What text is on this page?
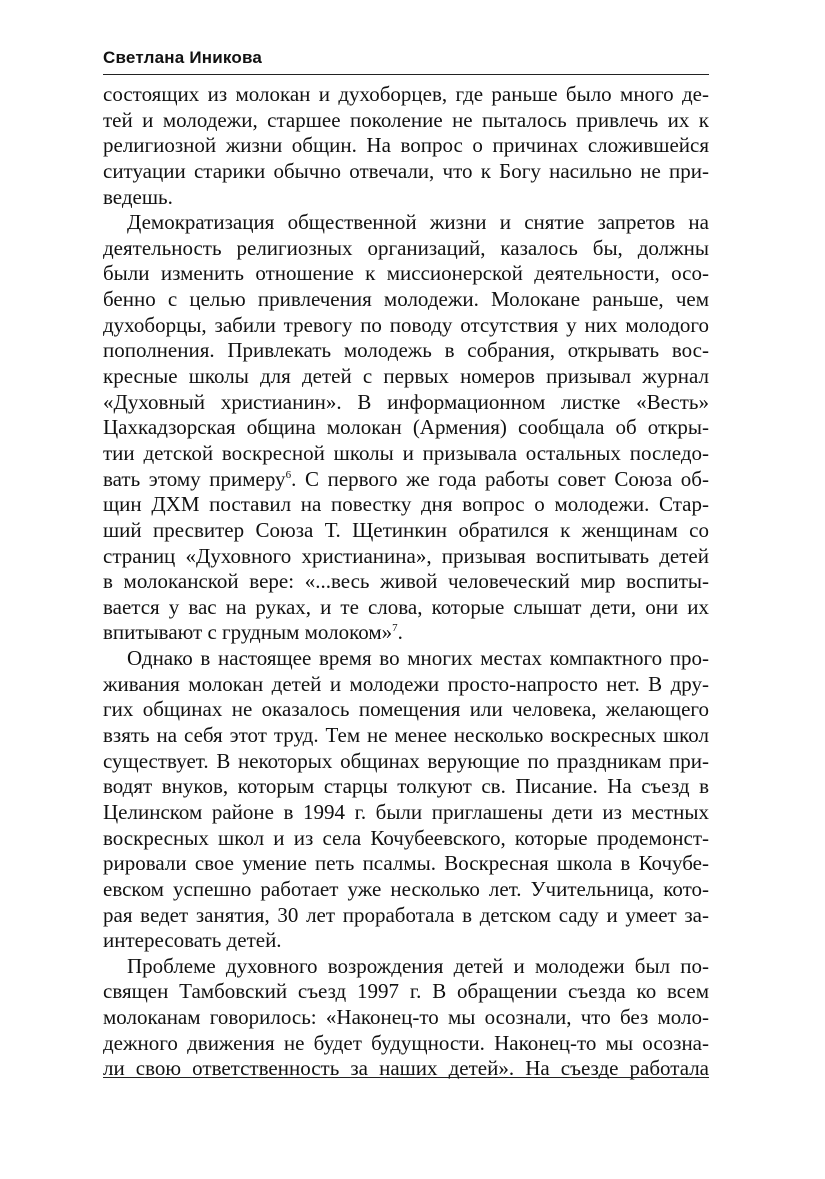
Светлана Иникова
состоящих из молокан и духоборцев, где раньше было много де-
тей и молодежи, старшее поколение не пыталось привлечь их к
религиозной жизни общин. На вопрос о причинах сложившейся
ситуации старики обычно отвечали, что к Богу насильно не при-
ведешь.
Демократизация общественной жизни и снятие запретов на
деятельность религиозных организаций, казалось бы, должны
были изменить отношение к миссионерской деятельности, осо-
бенно с целью привлечения молодежи. Молокане раньше, чем
духоборцы, забили тревогу по поводу отсутствия у них молодого
пополнения. Привлекать молодежь в собрания, открывать вос-
кресные школы для детей с первых номеров призывал журнал
«Духовный христианин». В информационном листке «Весть»
Цахкадзорская община молокан (Армения) сообщала об откры-
тии детской воскресной школы и призывала остальных последо-
вать этому примеру$^6$. С первого же года работы совет Союза об-
щин ДХМ поставил на повестку дня вопрос о молодежи. Стар-
ший пресвитер Союза Т. Щетинкин обратился к женщинам со
страниц «Духовного христианина», призывая воспитывать детей
в молоканской вере: «...весь живой человеческий мир воспиты-
вается у вас на руках, и те слова, которые слышат дети, они их
впитывают с грудным молоком»$^7$.
Однако в настоящее время во многих местах компактного про-
живания молокан детей и молодежи просто-напросто нет. В дру-
гих общинах не оказалось помещения или человека, желающего
взять на себя этот труд. Тем не менее несколько воскресных школ
существует. В некоторых общинах верующие по праздникам при-
водят внуков, которым старцы толкуют св. Писание. На съезд в
Целинском районе в 1994 г. были приглашены дети из местных
воскресных школ и из села Кочубеевского, которые продемонст-
рировали свое умение петь псалмы. Воскресная школа в Кочубе-
евском успешно работает уже несколько лет. Учительница, кото-
рая ведет занятия, 30 лет проработала в детском саду и умеет за-
интересовать детей.
Проблеме духовного возрождения детей и молодежи был по-
священ Тамбовский съезд 1997 г. В обращении съезда ко всем
молоканам говорилось: «Наконец-то мы осознали, что без моло-
дежного движения не будет будущности. Наконец-то мы осозна-
ли свою ответственность за наших детей». На съезде работала
